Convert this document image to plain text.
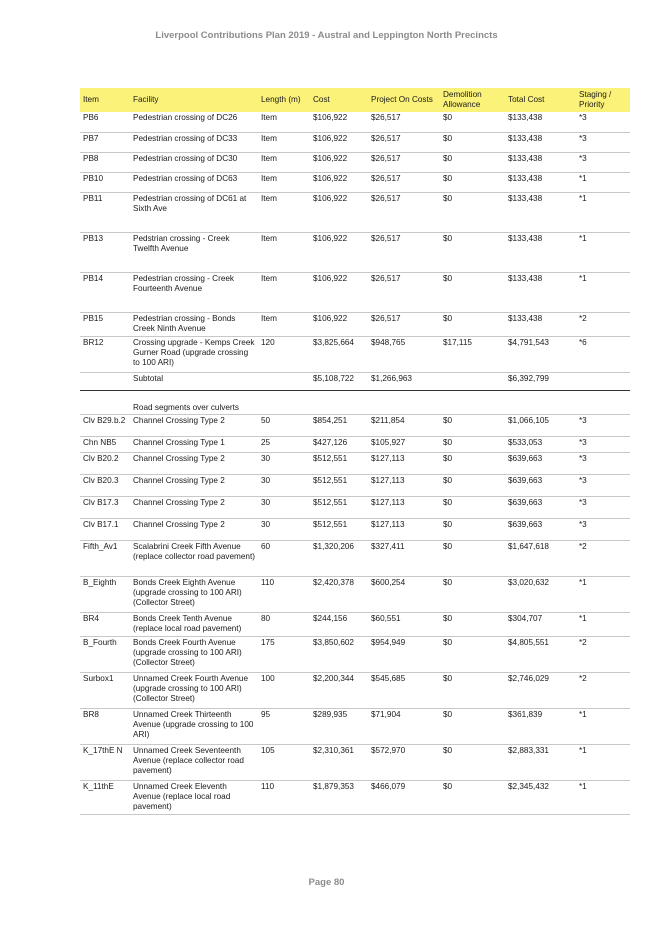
Liverpool Contributions Plan 2019 - Austral and Leppington North Precincts
Item	Facility	Length (m)	Cost	Project On Costs	Demolition Allowance	Total Cost	Staging / Priority
PB6	Pedestrian crossing of DC26	Item	$106,922	$26,517	$0	$133,438	*3
PB7	Pedestrian crossing of DC33	Item	$106,922	$26,517	$0	$133,438	*3
PB8	Pedestrian crossing of DC30	Item	$106,922	$26,517	$0	$133,438	*3
PB10	Pedestrian crossing of DC63	Item	$106,922	$26,517	$0	$133,438	*1
PB11	Pedestrian crossing of DC61 at Sixth Ave	Item	$106,922	$26,517	$0	$133,438	*1
PB13	Pedstrian crossing - Creek Twelfth Avenue	Item	$106,922	$26,517	$0	$133,438	*1
PB14	Pedestrian crossing - Creek Fourteenth Avenue	Item	$106,922	$26,517	$0	$133,438	*1
PB15	Pedestrian crossing - Bonds Creek Ninth Avenue	Item	$106,922	$26,517	$0	$133,438	*2
BR12	Crossing upgrade - Kemps Creek Gurner Road (upgrade crossing to 100 ARI)	120	$3,825,664	$948,765	$17,115	$4,791,543	*6
	Subtotal		$5,108,722	$1,266,963		$6,392,799	
	Road segments over culverts						
Clv B29.b.2	Channel Crossing Type 2	50	$854,251	$211,854	$0	$1,066,105	*3
Chn NB5	Channel Crossing Type 1	25	$427,126	$105,927	$0	$533,053	*3
Clv B20.2	Channel Crossing Type 2	30	$512,551	$127,113	$0	$639,663	*3
Clv B20.3	Channel Crossing Type 2	30	$512,551	$127,113	$0	$639,663	*3
Clv B17.3	Channel Crossing Type 2	30	$512,551	$127,113	$0	$639,663	*3
Clv B17.1	Channel Crossing Type 2	30	$512,551	$127,113	$0	$639,663	*3
Fifth_Av1	Scalabrini Creek Fifth Avenue (replace collector road pavement)	60	$1,320,206	$327,411	$0	$1,647,618	*2
B_Eighth	Bonds Creek Eighth Avenue (upgrade crossing to 100 ARI) (Collector Street)	110	$2,420,378	$600,254	$0	$3,020,632	*1
BR4	Bonds Creek Tenth Avenue (replace local road pavement)	80	$244,156	$60,551	$0	$304,707	*1
B_Fourth	Bonds Creek Fourth Avenue (upgrade crossing to 100 ARI) (Collector Street)	175	$3,850,602	$954,949	$0	$4,805,551	*2
Surbox1	Unnamed Creek Fourth Avenue (upgrade crossing to 100 ARI) (Collector Street)	100	$2,200,344	$545,685	$0	$2,746,029	*2
BR8	Unnamed Creek Thirteenth Avenue (upgrade crossing to 100 ARI)	95	$289,935	$71,904	$0	$361,839	*1
K_17thE N	Unnamed Creek Seventeenth Avenue (replace collector road pavement)	105	$2,310,361	$572,970	$0	$2,883,331	*1
K_11thE	Unnamed Creek Eleventh Avenue (replace local road pavement)	110	$1,879,353	$466,079	$0	$2,345,432	*1
Page 80
